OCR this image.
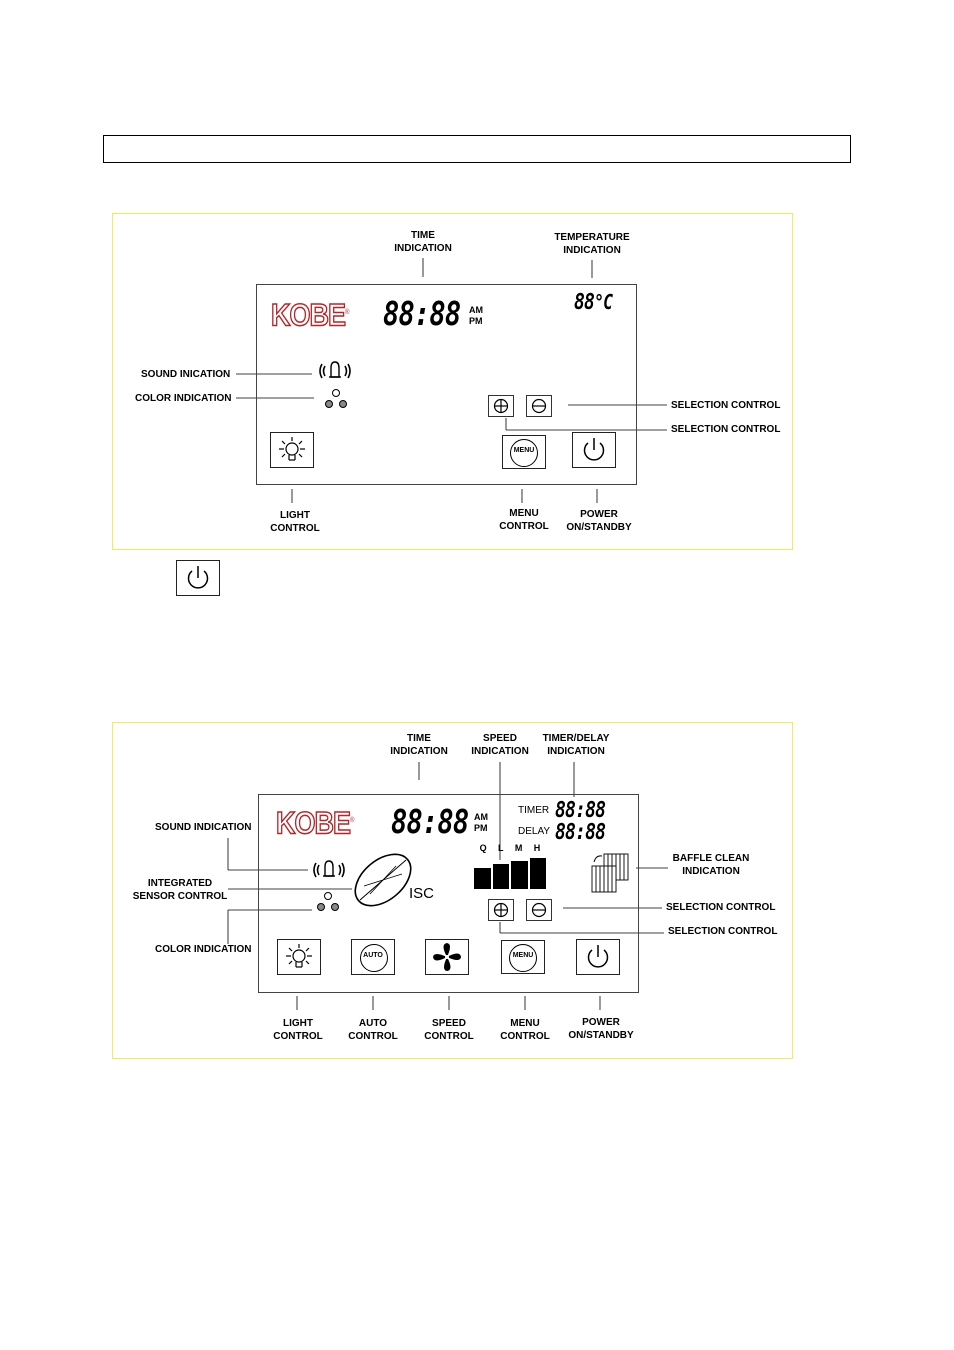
TIME
INDICATION
TEMPERATURE
INDICATION
KOBE® 88:88 AM
PM
88°C
SOUND INICATION
COLOR INDICATION
SELECTION CONTROL
SELECTION CONTROL
MENU
LIGHT
CONTROL
MENU
CONTROL
POWER
ON/STANDBY
TIME
INDICATION
SPEED
INDICATION
TIMER/DELAY
INDICATION
KOBE® 88:88 AM
PM
TIMER 88:88
DELAY 88:88
Q L M H
ISC
SOUND INDICATION
INTEGRATED
SENSOR CONTROL
COLOR INDICATION
BAFFLE CLEAN
INDICATION
SELECTION CONTROL
SELECTION CONTROL
AUTO	MENU
LIGHT
CONTROL
AUTO
CONTROL
SPEED
CONTROL
MENU
CONTROL
POWER
ON/STANDBY
